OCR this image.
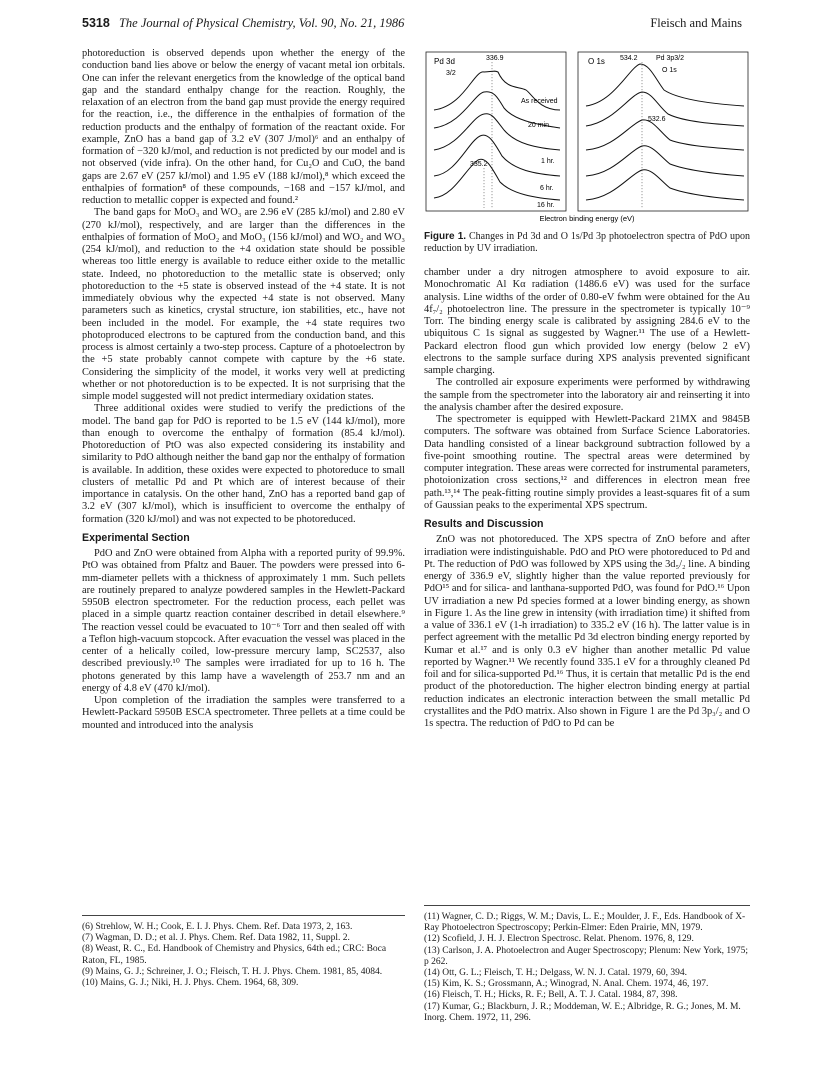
5318 The Journal of Physical Chemistry, Vol. 90, No. 21, 1986	Fleisch and Mains

photoreduction is observed depends upon whether the energy of the conduction band lies above or below the energy of vacant metal ion orbitals. One can infer the relevant energetics from the knowledge of the optical band gap and the standard enthalpy change for the reaction. Roughly, the relaxation of an electron from the band gap must provide the energy required for the reaction, i.e., the difference in the enthalpies of formation of the reduction products and the enthalpy of formation of the reactant oxide. For example, ZnO has a band gap of 3.2 eV (307 J/mol)⁶ and an enthalpy of formation of −320 kJ/mol, and reduction is not predicted by our model and is not observed (vide infra). On the other hand, for Cu₂O and CuO, the band gaps are 2.67 eV (257 kJ/mol) and 1.95 eV (188 kJ/mol),⁸ which exceed the enthalpies of formation⁸ of these compounds, −168 and −157 kJ/mol, and reduction to metallic copper is expected and found.²

The band gaps for MoO₃ and WO₃ are 2.96 eV (285 kJ/mol) and 2.80 eV (270 kJ/mol), respectively, and are larger than the differences in the enthalpies of formation of MoO₂ and MoO₃ (156 kJ/mol) and WO₂ and WO₃ (254 kJ/mol), and reduction to the +4 oxidation state should be possible whereas too little energy is available to reduce either oxide to the metallic state. Indeed, no photoreduction to the metallic state is observed; only photoreduction to the +5 state is observed instead of the +4 state. It is not immediately obvious why the expected +4 state is not observed. Many parameters such as kinetics, crystal structure, ion stabilities, etc., have not been included in the model. For example, the +4 state requires two photoproduced electrons to be captured from the conduction band, and this process is almost certainly a two-step process. Capture of a photoelectron by the +5 state probably cannot compete with capture by the +6 state. Considering the simplicity of the model, it works very well at predicting whether or not photoreduction is to be expected. It is not surprising that the simple model suggested will not predict intermediary oxidation states.

Three additional oxides were studied to verify the predictions of the model. The band gap for PdO is reported to be 1.5 eV (144 kJ/mol), more than enough to overcome the enthalpy of formation (85.4 kJ/mol). Photoreduction of PtO was also expected considering its instability and similarity to PdO although neither the band gap nor the enthalpy of formation is available. In addition, these oxides were expected to photoreduce to small clusters of metallic Pd and Pt which are of interest because of their importance in catalysis. On the other hand, ZnO has a reported band gap of 3.2 eV (307 kJ/mol), which is insufficient to overcome the enthalpy of formation (320 kJ/mol) and was not expected to be photoreduced.

Experimental Section

PdO and ZnO were obtained from Alpha with a reported purity of 99.9%. PtO was obtained from Pfaltz and Bauer. The powders were pressed into 6-mm-diameter pellets with a thickness of approximately 1 mm. Such pellets are routinely prepared to analyze powdered samples in the Hewlett-Packard 5950B electron spectrometer. For the reduction process, each pellet was placed in a simple quartz reaction container described in detail elsewhere.⁹ The reaction vessel could be evacuated to 10⁻⁶ Torr and then sealed off with a Teflon high-vacuum stopcock. After evacuation the vessel was placed in the center of a helically coiled, low-pressure mercury lamp, SC2537, also described previously.¹⁰ The samples were irradiated for up to 16 h. The photons generated by this lamp have a wavelength of 253.7 nm and an energy of 4.8 eV (470 kJ/mol).

Upon completion of the irradiation the samples were transferred to a Hewlett-Packard 5950B ESCA spectrometer. Three pellets at a time could be mounted and introduced into the analysis

Pd 3d
3/2
336.9
335.2
As received
20 min.
1 hr.
6 hr.
16 hr.
O 1s 534.2	Pd 3p3/2
O 1s
532.6
Electron binding energy (eV)
Figure 1. Changes in Pd 3d and O 1s/Pd 3p photoelectron spectra of PdO upon reduction by UV irradiation.

chamber under a dry nitrogen atmosphere to avoid exposure to air. Monochromatic Al Kα radiation (1486.6 eV) was used for the surface analysis. Line widths of the order of 0.80-eV fwhm were obtained for the Au 4f₇/₂ photoelectron line. The pressure in the spectrometer is typically 10⁻⁹ Torr. The binding energy scale is calibrated by assigning 284.6 eV to the ubiquitous C 1s signal as suggested by Wagner.¹¹ The use of a Hewlett-Packard electron flood gun which provided low energy (below 2 eV) electrons to the sample surface during XPS analysis prevented significant sample charging.

The controlled air exposure experiments were performed by withdrawing the sample from the spectrometer into the laboratory air and reinserting it into the analysis chamber after the desired exposure.

The spectrometer is equipped with Hewlett-Packard 21MX and 9845B computers. The software was obtained from Surface Science Laboratories. Data handling consisted of a linear background subtraction followed by a five-point smoothing routine. The spectral areas were determined by computer integration. These areas were corrected for instrumental parameters, photoionization cross sections,¹² and differences in electron mean free path.¹³,¹⁴ The peak-fitting routine simply provides a least-squares fit of a sum of Gaussian peaks to the experimental XPS spectrum.

Results and Discussion

ZnO was not photoreduced. The XPS spectra of ZnO before and after irradiation were indistinguishable. PdO and PtO were photoreduced to Pd and Pt. The reduction of PdO was followed by XPS using the 3d₅/₂ line. A binding energy of 336.9 eV, slightly higher than the value reported previously for PdO¹⁵ and for silica- and lanthana-supported PdO, was found for PdO.¹⁶ Upon UV irradiation a new Pd species formed at a lower binding energy, as shown in Figure 1. As the line grew in intensity (with irradiation time) it shifted from a value of 336.1 eV (1-h irradiation) to 335.2 eV (16 h). The latter value is in perfect agreement with the metallic Pd 3d electron binding energy reported by Kumar et al.¹⁷ and is only 0.3 eV higher than another metallic Pd value reported by Wagner.¹¹ We recently found 335.1 eV for a throughly cleaned Pd foil and for silica-supported Pd.¹⁶ Thus, it is certain that metallic Pd is the end product of the photoreduction. The higher electron binding energy at partial reduction indicates an electronic interaction between the small metallic Pd crystallites and the PdO matrix. Also shown in Figure 1 are the Pd 3p₃/₂ and O 1s spectra. The reduction of PdO to Pd can be

(6) Strehlow, W. H.; Cook, E. I. J. Phys. Chem. Ref. Data 1973, 2, 163.
(7) Wagman, D. D.; et al. J. Phys. Chem. Ref. Data 1982, 11, Suppl. 2.
(8) Weast, R. C., Ed. Handbook of Chemistry and Physics, 64th ed.; CRC: Boca Raton, FL, 1985.
(9) Mains, G. J.; Schreiner, J. O.; Fleisch, T. H. J. Phys. Chem. 1981, 85, 4084.
(10) Mains, G. J.; Niki, H. J. Phys. Chem. 1964, 68, 309.
(11) Wagner, C. D.; Riggs, W. M.; Davis, L. E.; Moulder, J. F., Eds. Handbook of X-Ray Photoelectron Spectroscopy; Perkin-Elmer: Eden Prairie, MN, 1979.
(12) Scofield, J. H. J. Electron Spectrosc. Relat. Phenom. 1976, 8, 129.
(13) Carlson, J. A. Photoelectron and Auger Spectroscopy; Plenum: New York, 1975; p 262.
(14) Ott, G. L.; Fleisch, T. H.; Delgass, W. N. J. Catal. 1979, 60, 394.
(15) Kim, K. S.; Grossmann, A.; Winograd, N. Anal. Chem. 1974, 46, 197.
(16) Fleisch, T. H.; Hicks, R. F.; Bell, A. T. J. Catal. 1984, 87, 398.
(17) Kumar, G.; Blackburn, J. R.; Moddeman, W. E.; Albridge, R. G.; Jones, M. M. Inorg. Chem. 1972, 11, 296.
